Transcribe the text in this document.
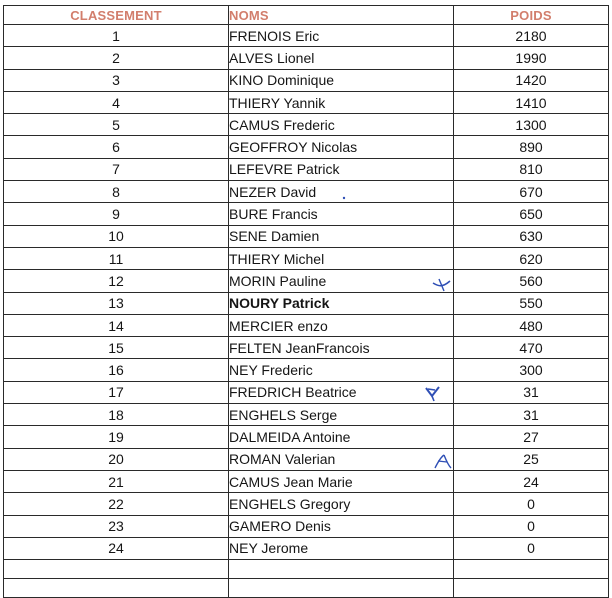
CLASSEMENT	NOMS	POIDS
1	FRENOIS Eric	2180
2	ALVES Lionel	1990
3	KINO Dominique	1420
4	THIERY Yannik	1410
5	CAMUS Frederic	1300
6	GEOFFROY Nicolas	890
7	LEFEVRE Patrick	810
8	NEZER David	670
9	BURE Francis	650
10	SENE Damien	630
11	THIERY Michel	620
12	MORIN Pauline	560
13	NOURY Patrick	550
14	MERCIER enzo	480
15	FELTEN JeanFrancois	470
16	NEY Frederic	300
17	FREDRICH Beatrice	31
18	ENGHELS Serge	31
19	DALMEIDA Antoine	27
20	ROMAN Valerian	25
21	CAMUS Jean Marie	24
22	ENGHELS Gregory	0
23	GAMERO Denis	0
24	NEY Jerome	0
